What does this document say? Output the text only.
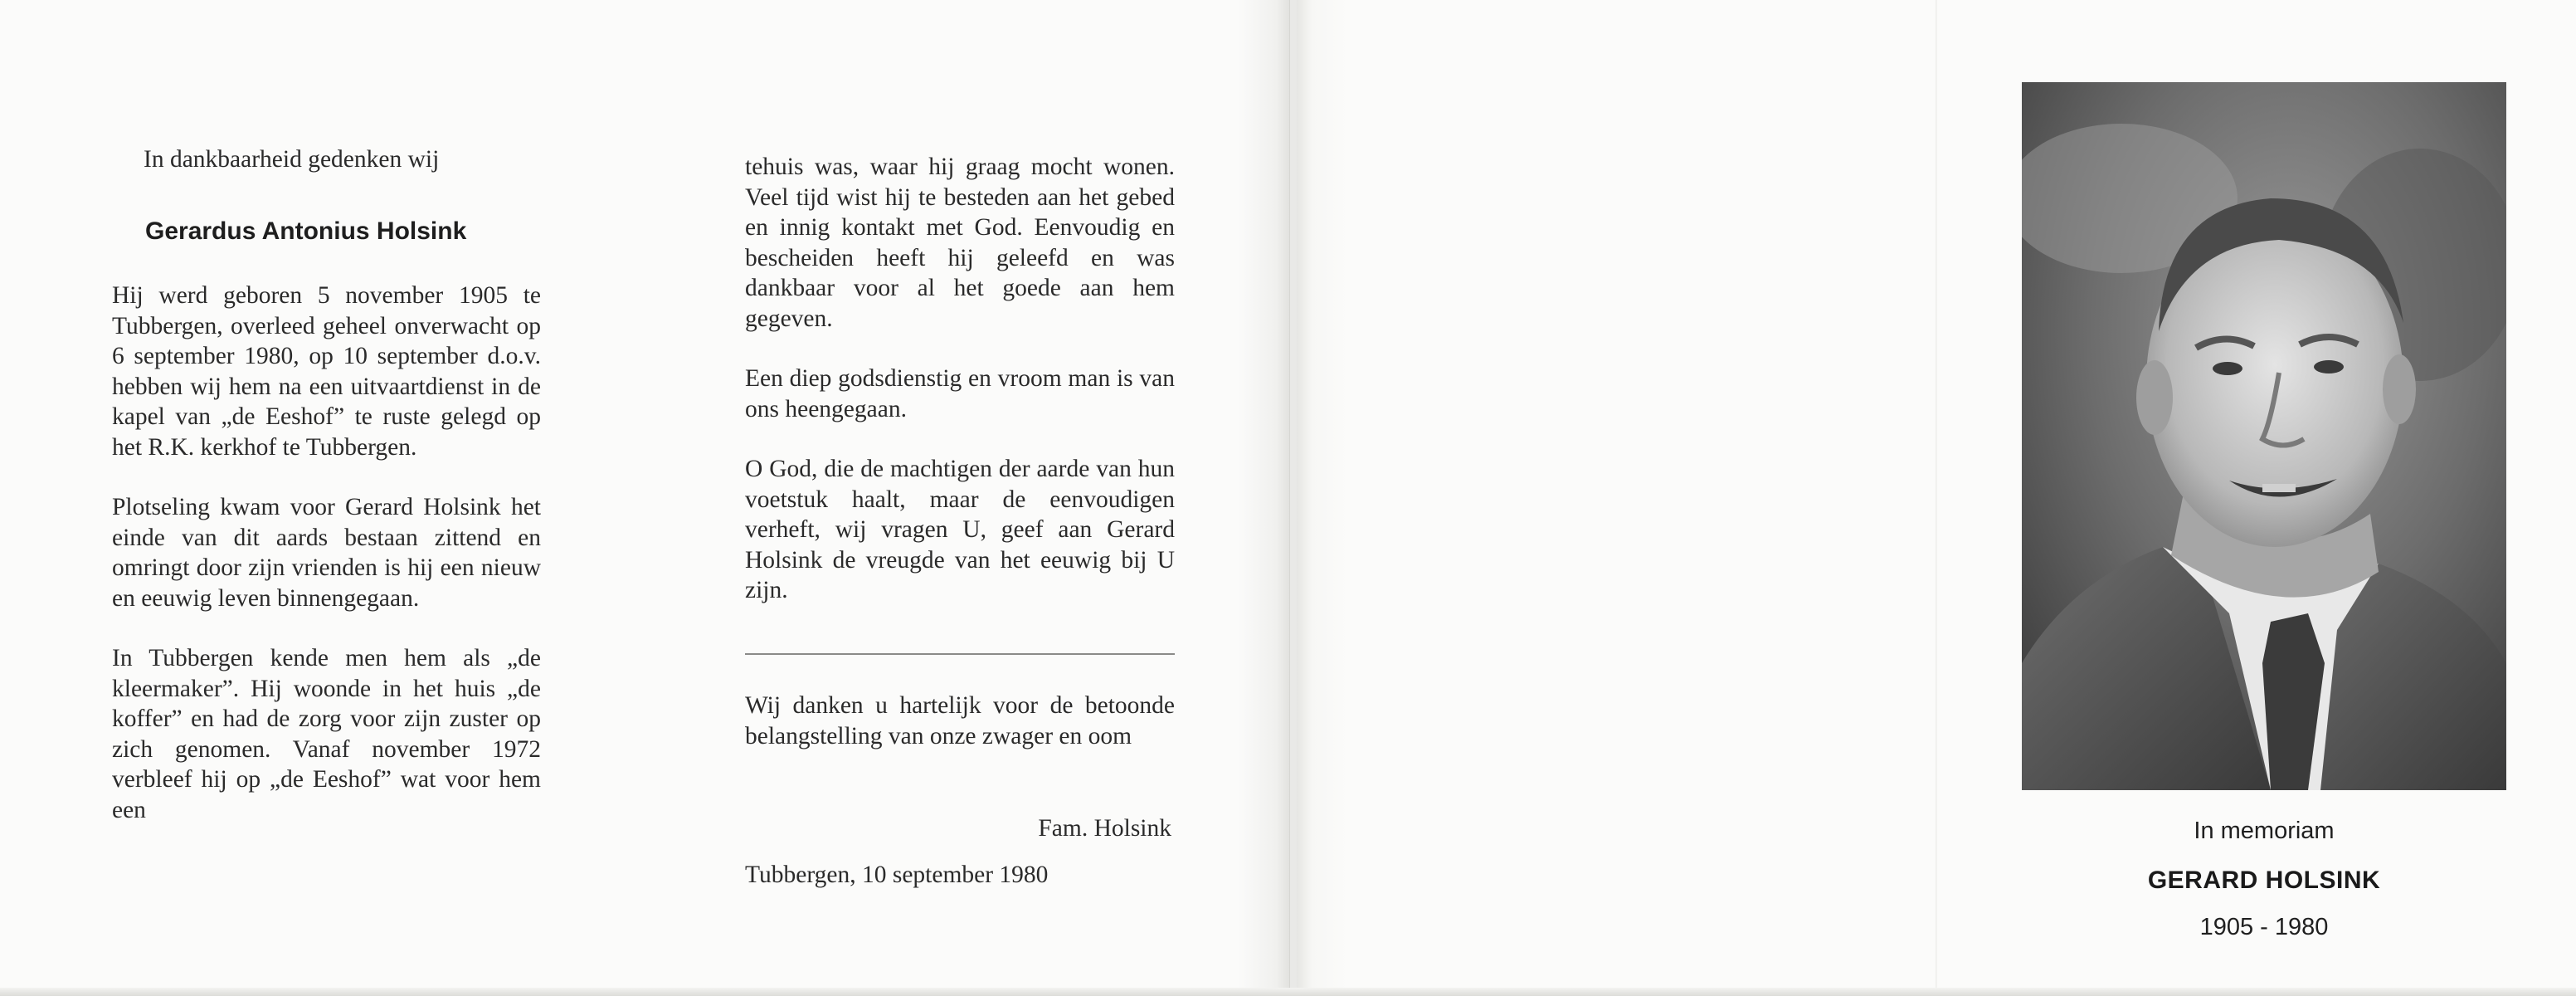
In dankbaarheid gedenken wij

Gerardus Antonius Holsink

Hij werd geboren 5 november 1905 te Tubbergen, overleed geheel onverwacht op 6 september 1980, op 10 september d.o.v. hebben wij hem na een uitvaartdienst in de kapel van „de Eeshof” te ruste gelegd op het R.K. kerkhof te Tubbergen.

Plotseling kwam voor Gerard Holsink het einde van dit aards bestaan zittend en omringt door zijn vrienden is hij een nieuw en eeuwig leven binnengegaan.

In Tubbergen kende men hem als „de kleermaker”. Hij woonde in het huis „de koffer” en had de zorg voor zijn zuster op zich genomen. Vanaf november 1972 verbleef hij op „de Eeshof” wat voor hem een

tehuis was, waar hij graag mocht wonen. Veel tijd wist hij te besteden aan het gebed en innig kontakt met God. Eenvoudig en bescheiden heeft hij geleefd en was dankbaar voor al het goede aan hem gegeven.

Een diep godsdienstig en vroom man is van ons heengegaan.

O God, die de machtigen der aarde van hun voetstuk haalt, maar de eenvoudigen verheft, wij vragen U, geef aan Gerard Holsink de vreugde van het eeuwig bij U zijn.

Wij danken u hartelijk voor de betoonde belangstelling van onze zwager en oom

Fam. Holsink

Tubbergen, 10 september 1980

In memoriam

GERARD HOLSINK

1905 - 1980
